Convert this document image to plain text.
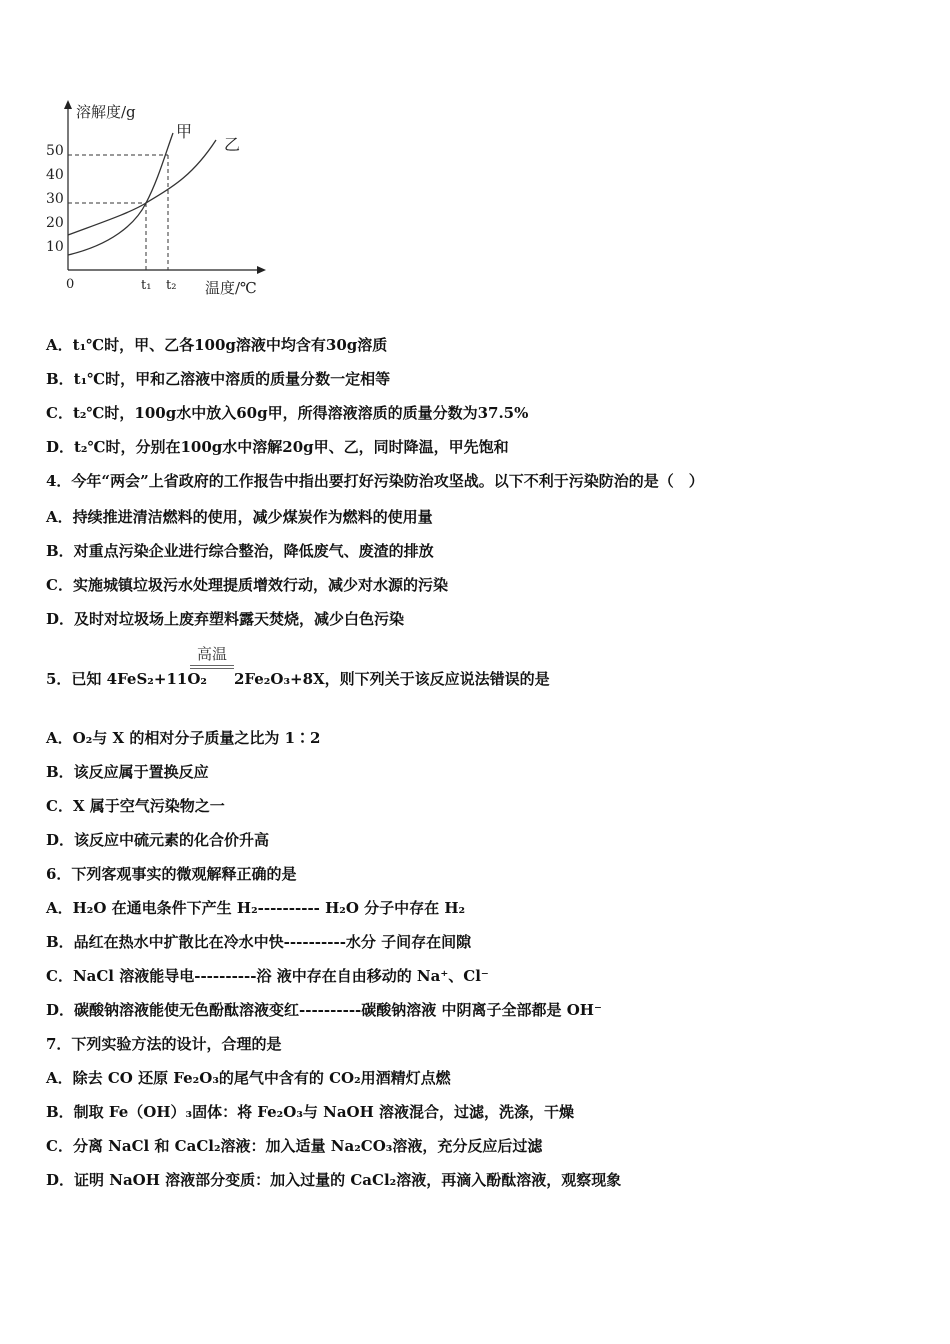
溶解度/g
温度/℃
0
10
20
30
40
50
t₁ t₂
甲
乙
A．t₁℃时，甲、乙各100g溶液中均含有30g溶质
B．t₁℃时，甲和乙溶液中溶质的质量分数一定相等
C．t₂℃时，100g水中放入60g甲，所得溶液溶质的质量分数为37.5%
D．t₂℃时，分别在100g水中溶解20g甲、乙，同时降温，甲先饱和
4．今年“两会”上省政府的工作报告中指出要打好污染防治攻坚战。以下不利于污染防治的是（　）
A．持续推进清洁燃料的使用，减少煤炭作为燃料的使用量
B．对重点污染企业进行综合整治，降低废气、废渣的排放
C．实施城镇垃圾污水处理提质增效行动，减少对水源的污染
D．及时对垃圾场上废弃塑料露天焚烧，减少白色污染
5．已知 4FeS₂+11O₂
高温
2Fe₂O₃+8X，则下列关于该反应说法错误的是
A．O₂与 X 的相对分子质量之比为 1∶2
B．该反应属于置换反应
C．X 属于空气污染物之一
D．该反应中硫元素的化合价升高
6．下列客观事实的微观解释正确的是
A．H₂O 在通电条件下产生 H₂---------- H₂O 分子中存在 H₂
B．品红在热水中扩散比在冷水中快----------水分 子间存在间隙
C．NaCl 溶液能导电----------浴 液中存在自由移动的 Na⁺、Cl⁻
D．碳酸钠溶液能使无色酚酞溶液变红----------碳酸钠溶液 中阴离子全部都是 OH⁻
7．下列实验方法的设计，合理的是
A．除去 CO 还原 Fe₂O₃的尾气中含有的 CO₂用酒精灯点燃
B．制取 Fe（OH）₃固体：将 Fe₂O₃与 NaOH 溶液混合，过滤，洗涤，干燥
C．分离 NaCl 和 CaCl₂溶液：加入适量 Na₂CO₃溶液，充分反应后过滤
D．证明 NaOH 溶液部分变质：加入过量的 CaCl₂溶液，再滴入酚酞溶液，观察现象
